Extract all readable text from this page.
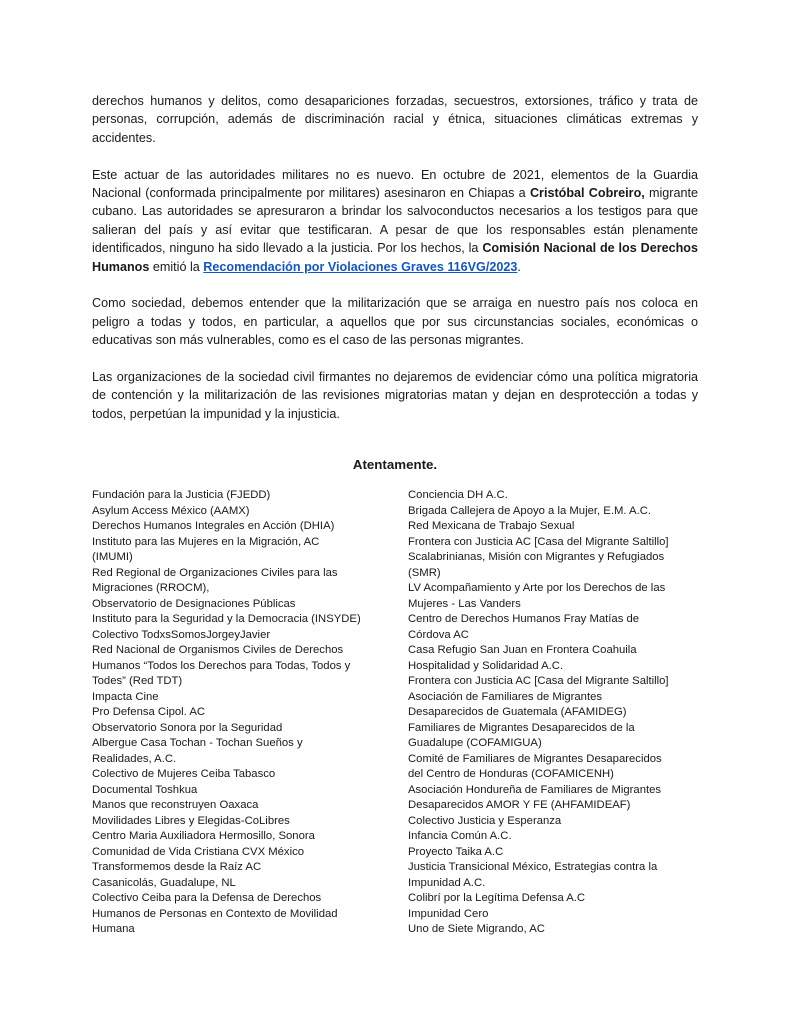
derechos humanos y delitos, como desapariciones forzadas, secuestros, extorsiones, tráfico y trata de personas, corrupción, además de discriminación racial y étnica, situaciones climáticas extremas y accidentes.

Este actuar de las autoridades militares no es nuevo. En octubre de 2021, elementos de la Guardia Nacional (conformada principalmente por militares) asesinaron en Chiapas a Cristóbal Cobreiro, migrante cubano. Las autoridades se apresuraron a brindar los salvoconductos necesarios a los testigos para que salieran del país y así evitar que testificaran. A pesar de que los responsables están plenamente identificados, ninguno ha sido llevado a la justicia. Por los hechos, la Comisión Nacional de los Derechos Humanos emitió la Recomendación por Violaciones Graves 116VG/2023.

Como sociedad, debemos entender que la militarización que se arraiga en nuestro país nos coloca en peligro a todas y todos, en particular, a aquellos que por sus circunstancias sociales, económicas o educativas son más vulnerables, como es el caso de las personas migrantes.

Las organizaciones de la sociedad civil firmantes no dejaremos de evidenciar cómo una política migratoria de contención y la militarización de las revisiones migratorias matan y dejan en desprotección a todas y todos, perpetúan la impunidad y la injusticia.

Atentamente.
Fundación para la Justicia (FJEDD)
Asylum Access México (AAMX)
Derechos Humanos Integrales en Acción (DHIA)
Instituto para las Mujeres en la Migración, AC
(IMUMI)
Red Regional de Organizaciones Civiles para las
Migraciones (RROCM),
Observatorio de Designaciones Públicas
Instituto para la Seguridad y la Democracia (INSYDE)
Colectivo TodxsSomosJorgeyJavier
Red Nacional de Organismos Civiles de Derechos
Humanos “Todos los Derechos para Todas, Todos y
Todes” (Red TDT)
Impacta Cine
Pro Defensa Cipol. AC
Observatorio Sonora por la Seguridad
Albergue Casa Tochan - Tochan Sueños y
Realidades, A.C.
Colectivo de Mujeres Ceiba Tabasco
Documental Toshkua
Manos que reconstruyen Oaxaca
Movilidades Libres y Elegidas-CoLibres
Centro Maria Auxiliadora Hermosillo, Sonora
Comunidad de Vida Cristiana CVX México
Transformemos desde la Raíz AC
Casanicolás, Guadalupe, NL
Colectivo Ceiba para la Defensa de Derechos
Humanos de Personas en Contexto de Movilidad
Humana
Conciencia DH A.C.
Brigada Callejera de Apoyo a la Mujer, E.M. A.C.
Red Mexicana de Trabajo Sexual
Frontera con Justicia AC [Casa del Migrante Saltillo]
Scalabrinianas, Misión con Migrantes y Refugiados
(SMR)
LV Acompañamiento y Arte por los Derechos de las
Mujeres - Las Vanders
Centro de Derechos Humanos Fray Matías de
Córdova AC
Casa Refugio San Juan en Frontera Coahuila
Hospitalidad y Solidaridad A.C.
Frontera con Justicia AC [Casa del Migrante Saltillo]
Asociación de Familiares de Migrantes
Desaparecidos de Guatemala (AFAMIDEG)
Familiares de Migrantes Desaparecidos de la
Guadalupe (COFAMIGUA)
Comité de Familiares de Migrantes Desaparecidos
del Centro de Honduras (COFAMICENH)
Asociación Hondureña de Familiares de Migrantes
Desaparecidos AMOR Y FE (AHFAMIDEAF)
Colectivo Justicia y Esperanza
Infancia Común A.C.
Proyecto Taika A.C
Justicia Transicional México, Estrategias contra la
Impunidad A.C.
Colibrí por la Legítima Defensa A.C
Impunidad Cero
Uno de Siete Migrando, AC
